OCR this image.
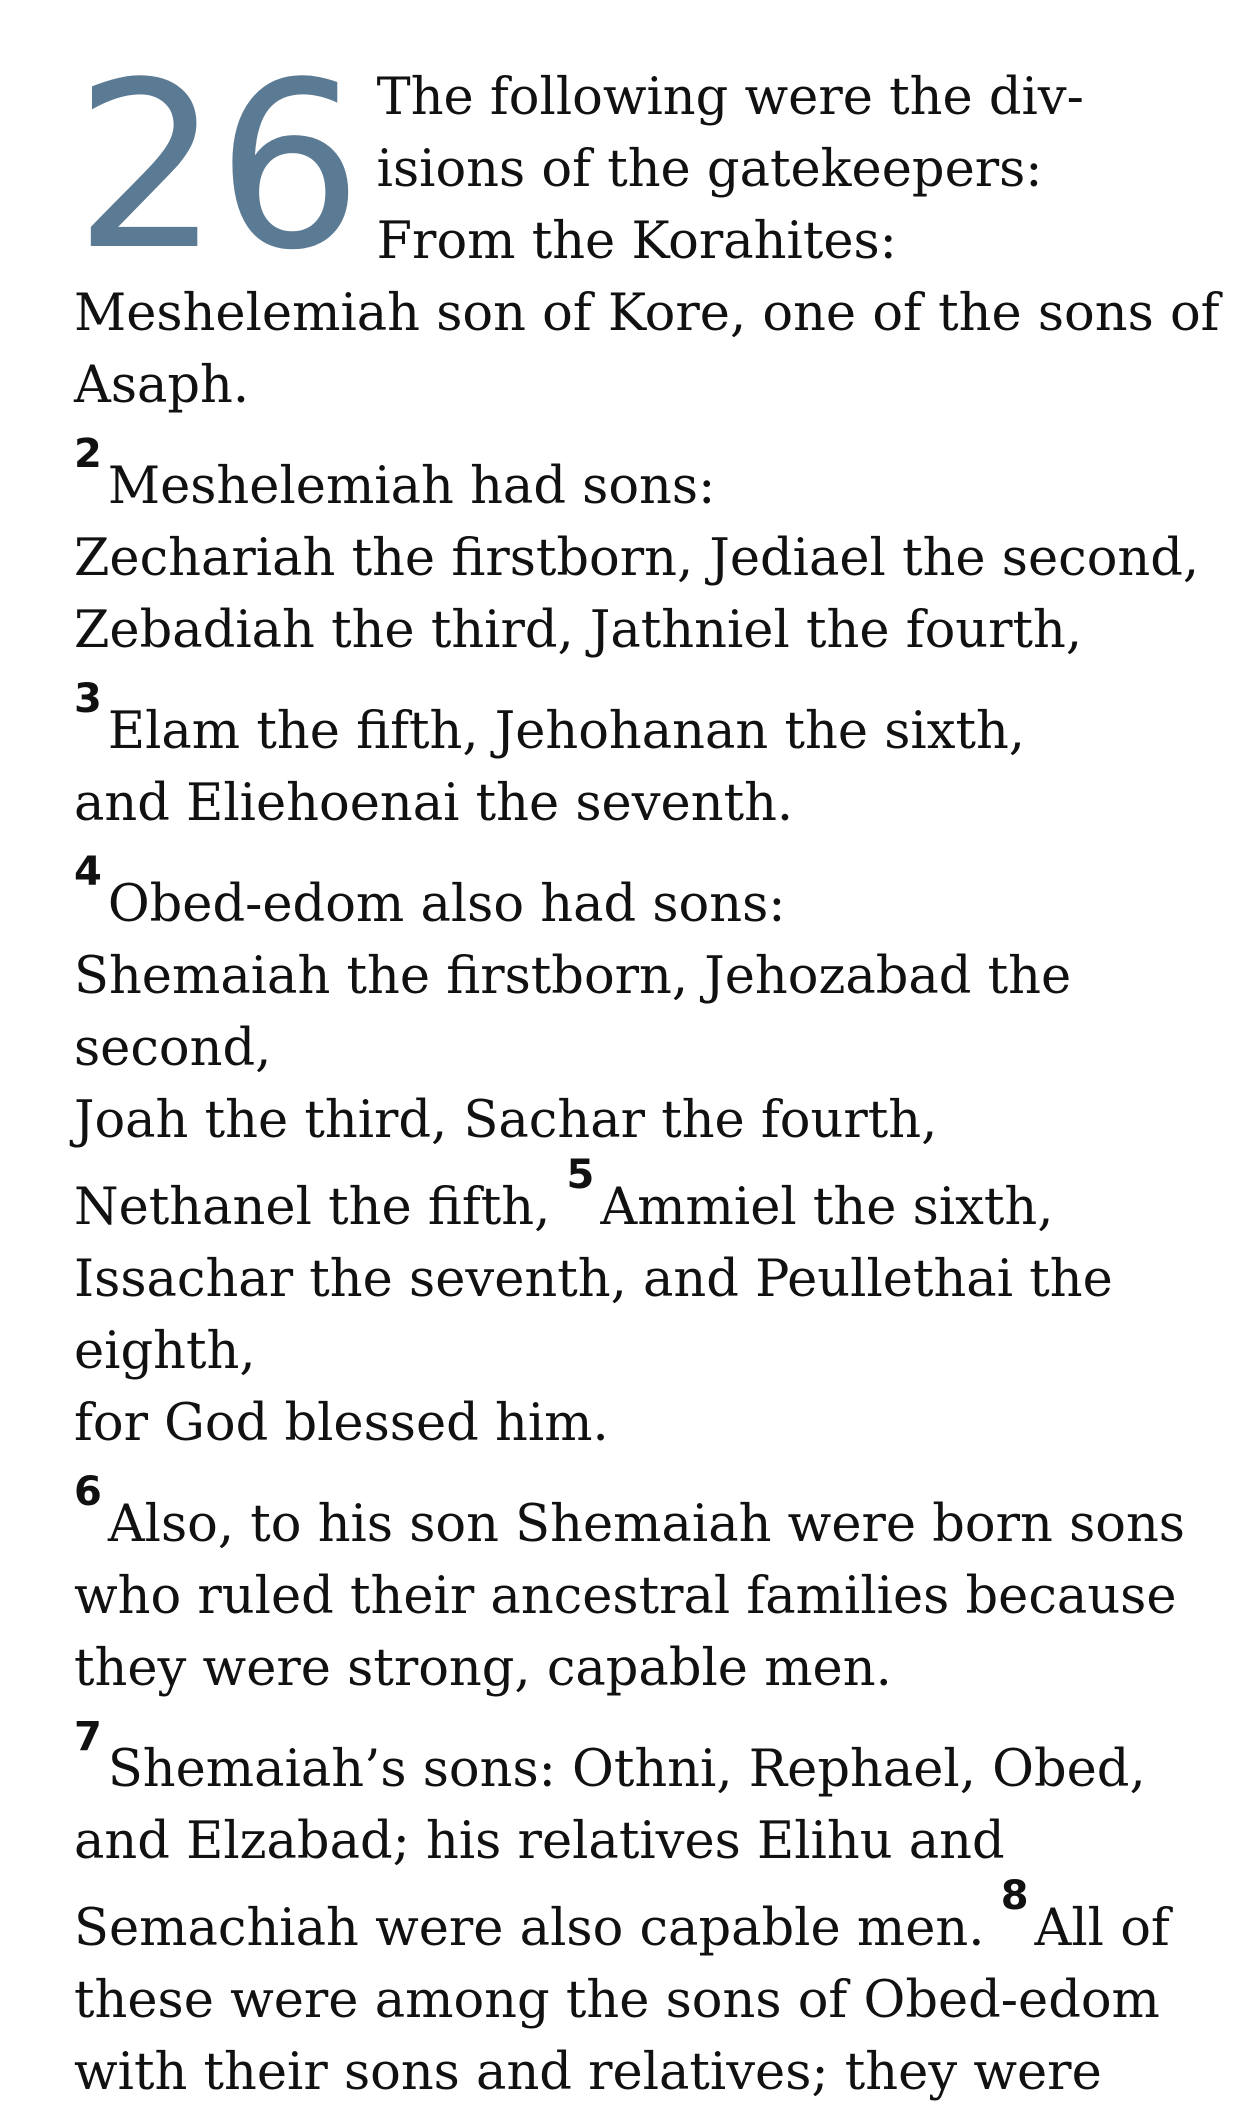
26 The following were the div-
isions of the gatekeepers:
From the Korahites:
Meshelemiah son of Kore, one of the sons of
Asaph.
$^2$Meshelemiah had sons:
Zechariah the firstborn, Jediael the second,
Zebadiah the third, Jathniel the fourth,
$^3$Elam the fifth, Jehohanan the sixth,
and Eliehoenai the seventh.
$^4$Obed-edom also had sons:
Shemaiah the firstborn, Jehozabad the
second,
Joah the third, Sachar the fourth,
Nethanel the fifth, $^5$Ammiel the sixth,
Issachar the seventh, and Peullethai the
eighth,
for God blessed him.
$^6$Also, to his son Shemaiah were born sons
who ruled their ancestral families because
they were strong, capable men.
$^7$Shemaiah’s sons: Othni, Rephael, Obed,
and Elzabad; his relatives Elihu and
Semachiah were also capable men. $^8$All of
these were among the sons of Obed-edom
with their sons and relatives; they were
